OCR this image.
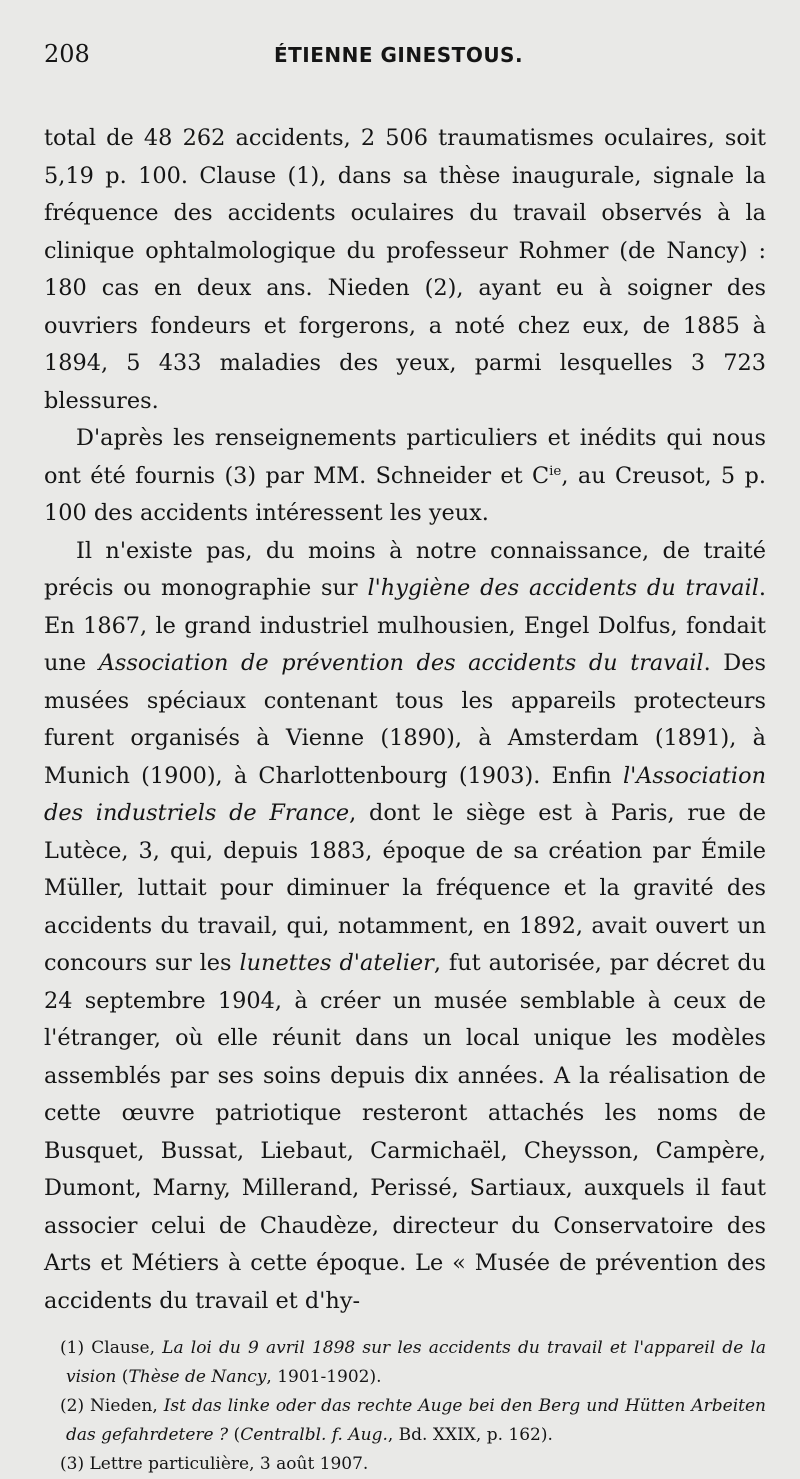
208	ÉTIENNE GINESTOUS.

total de 48 262 accidents, 2 506 traumatismes oculaires, soit 5,19 p. 100. Clause (1), dans sa thèse inaugurale, signale la fréquence des accidents oculaires du travail observés à la clinique ophtalmologique du professeur Rohmer (de Nancy) : 180 cas en deux ans. Nieden (2), ayant eu à soigner des ouvriers fondeurs et forgerons, a noté chez eux, de 1885 à 1894, 5 433 maladies des yeux, parmi lesquelles 3 723 blessures.

D'après les renseignements particuliers et inédits qui nous ont été fournis (3) par MM. Schneider et $C^{ie}$, au Creusot, 5 p. 100 des accidents intéressent les yeux.

Il n'existe pas, du moins à notre connaissance, de traité précis ou monographie sur l'hygiène des accidents du travail. En 1867, le grand industriel mulhousien, Engel Dolfus, fondait une Association de prévention des accidents du travail. Des musées spéciaux contenant tous les appareils protecteurs furent organisés à Vienne (1890), à Amsterdam (1891), à Munich (1900), à Charlottenbourg (1903). Enfin l'Association des industriels de France, dont le siège est à Paris, rue de Lutèce, 3, qui, depuis 1883, époque de sa création par Émile Müller, luttait pour diminuer la fréquence et la gravité des accidents du travail, qui, notamment, en 1892, avait ouvert un concours sur les lunettes d'atelier, fut autorisée, par décret du 24 septembre 1904, à créer un musée semblable à ceux de l'étranger, où elle réunit dans un local unique les modèles assemblés par ses soins depuis dix années. A la réalisation de cette œuvre patriotique resteront attachés les noms de Busquet, Bussat, Liebaut, Carmichaël, Cheysson, Campère, Dumont, Marny, Millerand, Perissé, Sartiaux, auxquels il faut associer celui de Chaudèze, directeur du Conservatoire des Arts et Métiers à cette époque. Le « Musée de prévention des accidents du travail et d'hy-

(1) Clause, La loi du 9 avril 1898 sur les accidents du travail et l'appareil de la vision (Thèse de Nancy, 1901-1902).

(2) Nieden, Ist das linke oder das rechte Auge bei den Berg und Hütten Arbeiten das gefahrdetere ? (Centralbl. f. Aug., Bd. XXIX, p. 162).

(3) Lettre particulière, 3 août 1907.
